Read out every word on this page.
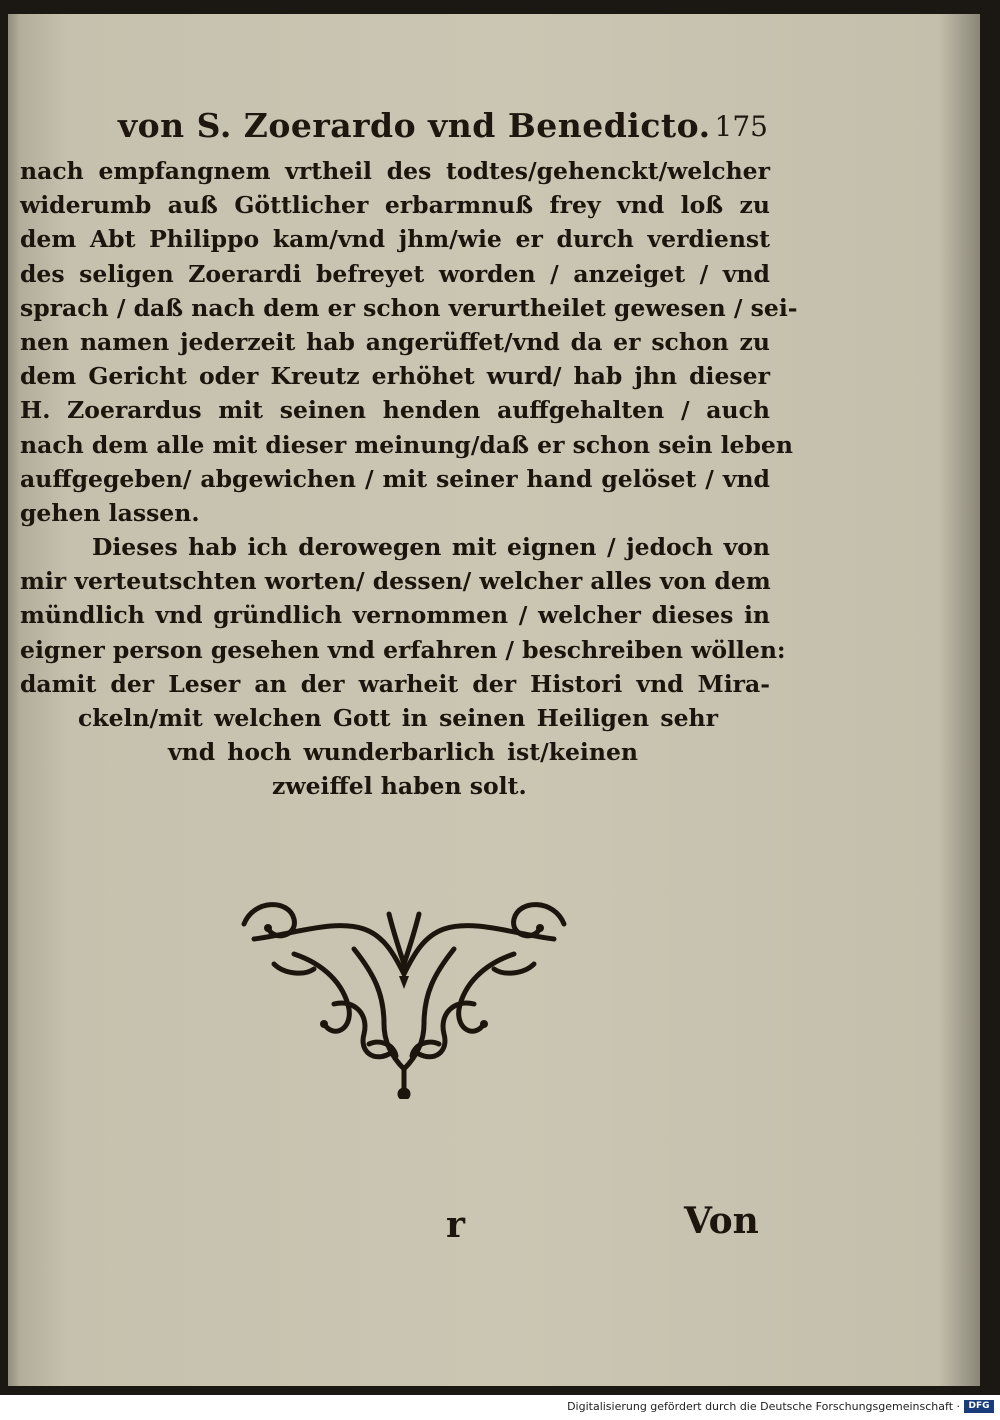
von S. Zoerardo vnd Benedicto. 175
nach empfangnem vrtheil des todtes/gehenckt/welcher
widerumb auß Göttlicher erbarmnuß frey vnd loß zu
dem Abt Philippo kam/vnd jhm/wie er durch verdienst
des seligen Zoerardi befreyet worden / anzeiget / vnd
sprach / daß nach dem er schon verurtheilet gewesen / sei-
nen namen jederzeit hab angerüffet/vnd da er schon zu
dem Gericht oder Kreutz erhöhet wurd/ hab jhn dieser
H. Zoerardus mit seinen henden auffgehalten / auch
nach dem alle mit dieser meinung/daß er schon sein leben
auffgegeben/ abgewichen / mit seiner hand gelöset / vnd
gehen lassen.
Dieses hab ich derowegen mit eignen / jedoch von
mir verteutschten worten/ dessen/ welcher alles von dem
mündlich vnd gründlich vernommen / welcher dieses in
eigner person gesehen vnd erfahren / beschreiben wöllen:
damit der Leser an der warheit der Histori vnd Mira-
ckeln/mit welchen Gott in seinen Heiligen sehr
vnd hoch wunderbarlich ist/keinen
zweiffel haben solt.
r	Von
Digitalisierung gefördert durch die Deutsche Forschungsgemeinschaft · DFG
